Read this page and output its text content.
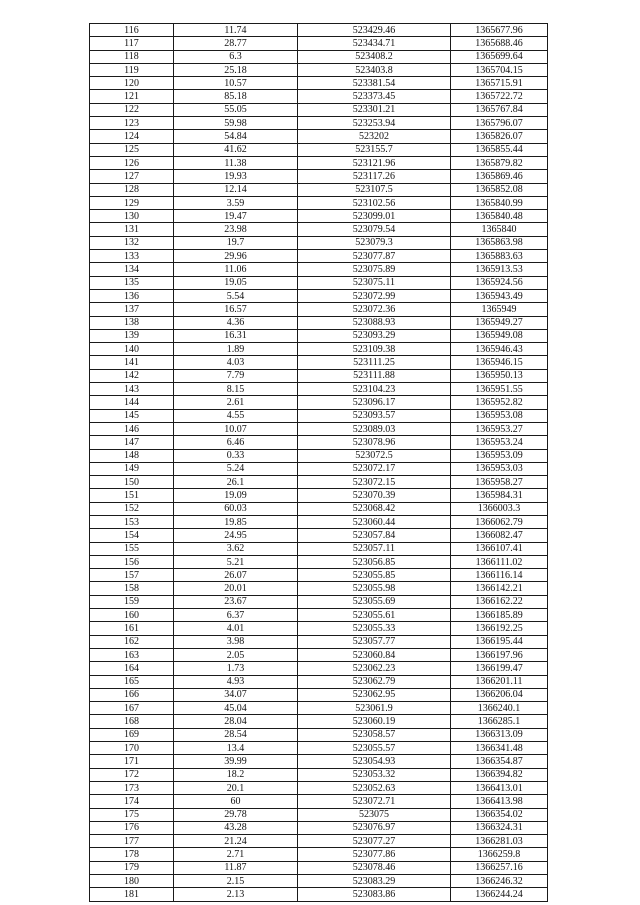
116	11.74	523429.46	1365677.96
117	28.77	523434.71	1365688.46
118	6.3	523408.2	1365699.64
119	25.18	523403.8	1365704.15
120	10.57	523381.54	1365715.91
121	85.18	523373.45	1365722.72
122	55.05	523301.21	1365767.84
123	59.98	523253.94	1365796.07
124	54.84	523202	1365826.07
125	41.62	523155.7	1365855.44
126	11.38	523121.96	1365879.82
127	19.93	523117.26	1365869.46
128	12.14	523107.5	1365852.08
129	3.59	523102.56	1365840.99
130	19.47	523099.01	1365840.48
131	23.98	523079.54	1365840
132	19.7	523079.3	1365863.98
133	29.96	523077.87	1365883.63
134	11.06	523075.89	1365913.53
135	19.05	523075.11	1365924.56
136	5.54	523072.99	1365943.49
137	16.57	523072.36	1365949
138	4.36	523088.93	1365949.27
139	16.31	523093.29	1365949.08
140	1.89	523109.38	1365946.43
141	4.03	523111.25	1365946.15
142	7.79	523111.88	1365950.13
143	8.15	523104.23	1365951.55
144	2.61	523096.17	1365952.82
145	4.55	523093.57	1365953.08
146	10.07	523089.03	1365953.27
147	6.46	523078.96	1365953.24
148	0.33	523072.5	1365953.09
149	5.24	523072.17	1365953.03
150	26.1	523072.15	1365958.27
151	19.09	523070.39	1365984.31
152	60.03	523068.42	1366003.3
153	19.85	523060.44	1366062.79
154	24.95	523057.84	1366082.47
155	3.62	523057.11	1366107.41
156	5.21	523056.85	1366111.02
157	26.07	523055.85	1366116.14
158	20.01	523055.98	1366142.21
159	23.67	523055.69	1366162.22
160	6.37	523055.61	1366185.89
161	4.01	523055.33	1366192.25
162	3.98	523057.77	1366195.44
163	2.05	523060.84	1366197.96
164	1.73	523062.23	1366199.47
165	4.93	523062.79	1366201.11
166	34.07	523062.95	1366206.04
167	45.04	523061.9	1366240.1
168	28.04	523060.19	1366285.1
169	28.54	523058.57	1366313.09
170	13.4	523055.57	1366341.48
171	39.99	523054.93	1366354.87
172	18.2	523053.32	1366394.82
173	20.1	523052.63	1366413.01
174	60	523072.71	1366413.98
175	29.78	523075	1366354.02
176	43.28	523076.97	1366324.31
177	21.24	523077.27	1366281.03
178	2.71	523077.86	1366259.8
179	11.87	523078.46	1366257.16
180	2.15	523083.29	1366246.32
181	2.13	523083.86	1366244.24
